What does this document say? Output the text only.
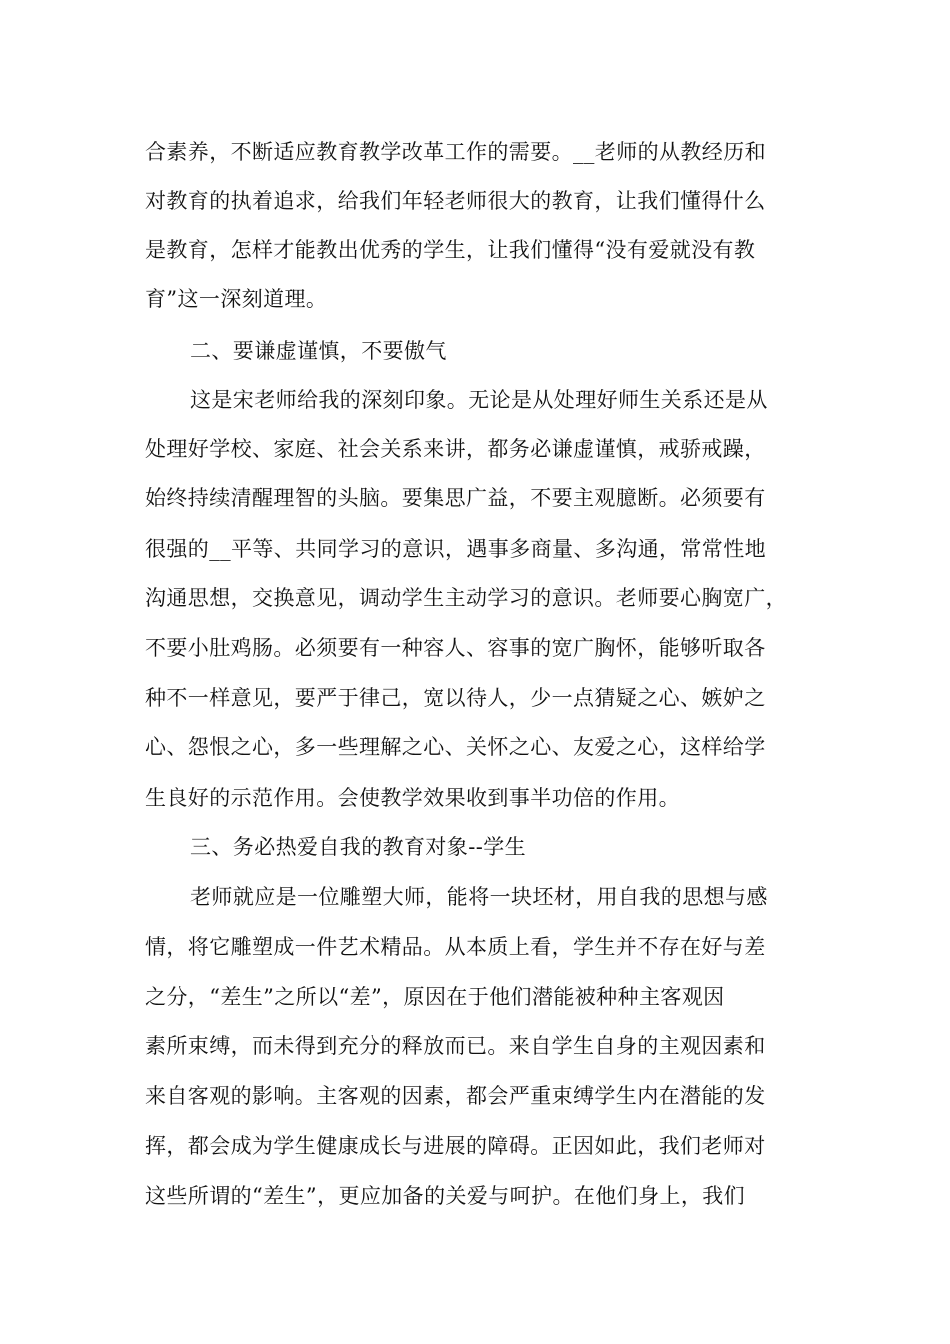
合素养，不断适应教育教学改革工作的需要。__老师的从教经历和
对教育的执着追求，给我们年轻老师很大的教育，让我们懂得什么
是教育，怎样才能教出优秀的学生，让我们懂得“没有爱就没有教
育”这一深刻道理。
二、要谦虚谨慎，不要傲气
这是宋老师给我的深刻印象。无论是从处理好师生关系还是从
处理好学校、家庭、社会关系来讲，都务必谦虚谨慎，戒骄戒躁，
始终持续清醒理智的头脑。要集思广益，不要主观臆断。必须要有
很强的__平等、共同学习的意识，遇事多商量、多沟通，常常性地
沟通思想，交换意见，调动学生主动学习的意识。老师要心胸宽广，
不要小肚鸡肠。必须要有一种容人、容事的宽广胸怀，能够听取各
种不一样意见，要严于律己，宽以待人，少一点猜疑之心、嫉妒之
心、怨恨之心，多一些理解之心、关怀之心、友爱之心，这样给学
生良好的示范作用。会使教学效果收到事半功倍的作用。
三、务必热爱自我的教育对象--学生
老师就应是一位雕塑大师，能将一块坯材，用自我的思想与感
情，将它雕塑成一件艺术精品。从本质上看，学生并不存在好与差
之分，“差生”之所以“差”，原因在于他们潜能被种种主客观因
素所束缚，而未得到充分的释放而已。来自学生自身的主观因素和
来自客观的影响。主客观的因素，都会严重束缚学生内在潜能的发
挥，都会成为学生健康成长与进展的障碍。正因如此，我们老师对
这些所谓的“差生”，更应加备的关爱与呵护。在他们身上，我们
